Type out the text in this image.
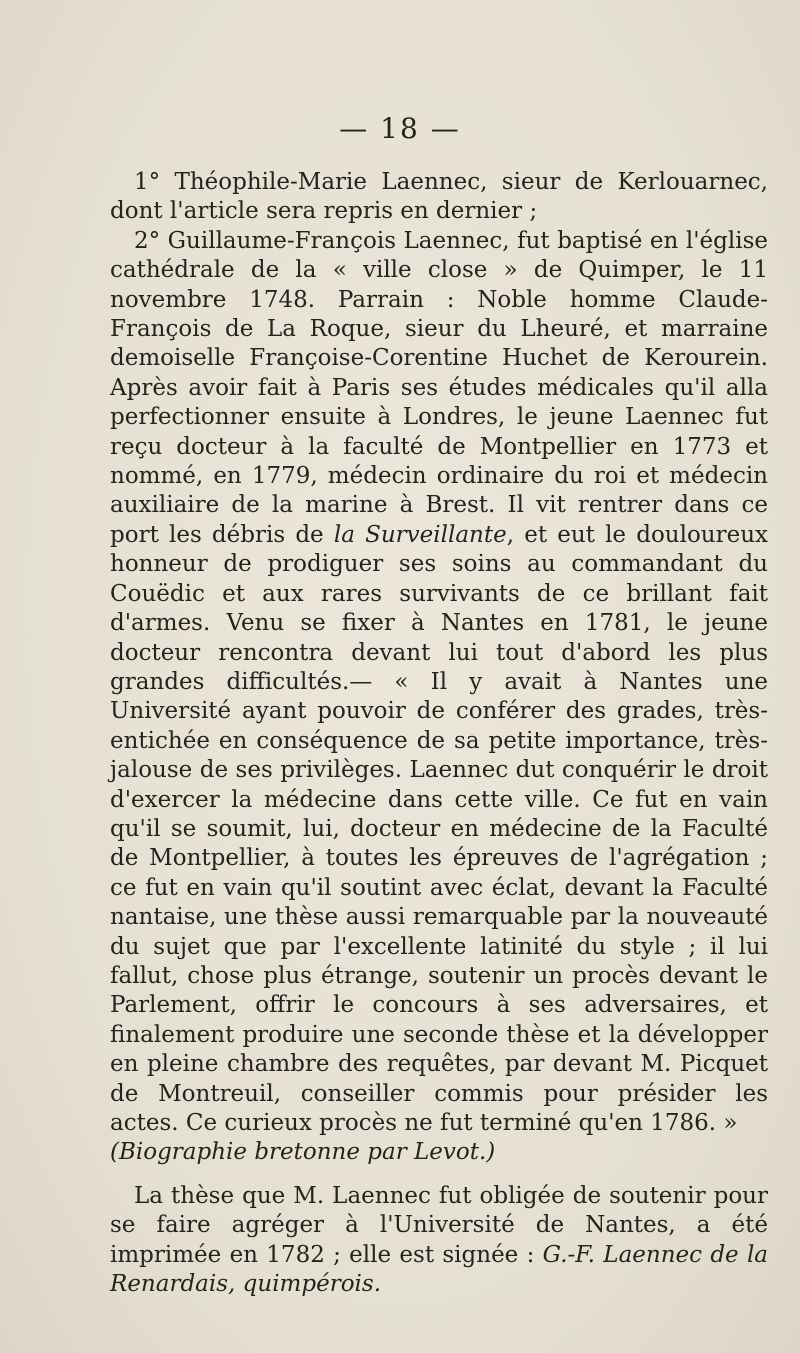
— 18 —

1° Théophile-Marie Laennec, sieur de Kerlouarnec, dont l'article sera repris en dernier ;

2° Guillaume-François Laennec, fut baptisé en l'église cathédrale de la « ville close » de Quimper, le 11 novembre 1748. Parrain : Noble homme Claude-François de La Roque, sieur du Lheuré, et marraine demoiselle Françoise-Corentine Huchet de Kerourein. Après avoir fait à Paris ses études médicales qu'il alla perfectionner ensuite à Londres, le jeune Laennec fut reçu docteur à la faculté de Montpellier en 1773 et nommé, en 1779, médecin ordinaire du roi et médecin auxiliaire de la marine à Brest. Il vit rentrer dans ce port les débris de la Surveillante, et eut le douloureux honneur de prodiguer ses soins au commandant du Couëdic et aux rares survivants de ce brillant fait d'armes. Venu se fixer à Nantes en 1781, le jeune docteur rencontra devant lui tout d'abord les plus grandes difficultés.— « Il y avait à Nantes une Université ayant pouvoir de conférer des grades, très-entichée en conséquence de sa petite importance, très-jalouse de ses privilèges. Laennec dut conquérir le droit d'exercer la médecine dans cette ville. Ce fut en vain qu'il se soumit, lui, docteur en médecine de la Faculté de Montpellier, à toutes les épreuves de l'agrégation ; ce fut en vain qu'il soutint avec éclat, devant la Faculté nantaise, une thèse aussi remarquable par la nouveauté du sujet que par l'excellente latinité du style ; il lui fallut, chose plus étrange, soutenir un procès devant le Parlement, offrir le concours à ses adversaires, et finalement produire une seconde thèse et la développer en pleine chambre des requêtes, par devant M. Picquet de Montreuil, conseiller commis pour présider les actes. Ce curieux procès ne fut terminé qu'en 1786. »
(Biographie bretonne par Levot.)

La thèse que M. Laennec fut obligée de soutenir pour se faire agréger à l'Université de Nantes, a été imprimée en 1782 ; elle est signée : G.-F. Laennec de la Renardais, quimpérois.
